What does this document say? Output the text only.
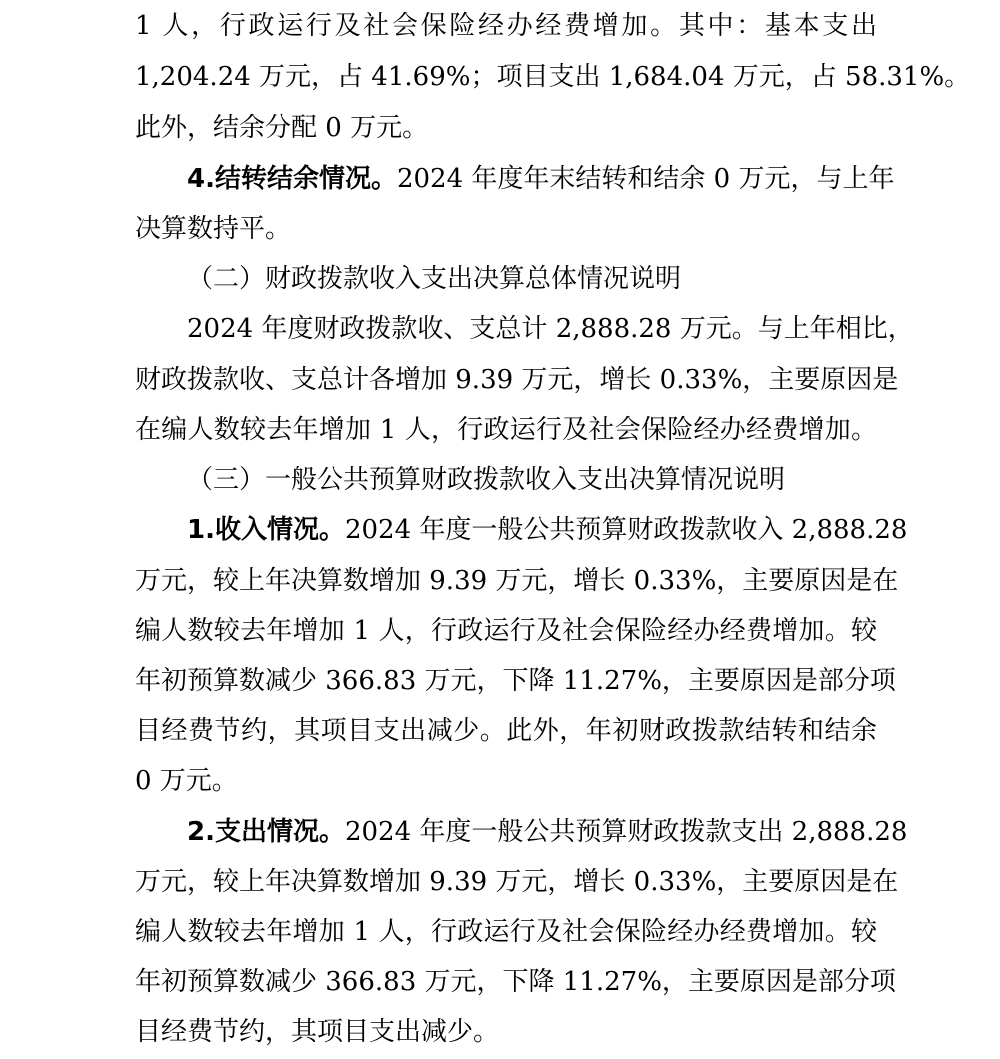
1 人，行政运行及社会保险经办经费增加。其中：基本支出
1,204.24 万元，占 41.69%；项目支出 1,684.04 万元，占 58.31%。
此外，结余分配 0 万元。
4.结转结余情况。2024 年度年末结转和结余 0 万元，与上年
决算数持平。
（二）财政拨款收入支出决算总体情况说明
2024 年度财政拨款收、支总计 2,888.28 万元。与上年相比，
财政拨款收、支总计各增加 9.39 万元，增长 0.33%，主要原因是
在编人数较去年增加 1 人，行政运行及社会保险经办经费增加。
（三）一般公共预算财政拨款收入支出决算情况说明
1.收入情况。2024 年度一般公共预算财政拨款收入 2,888.28
万元，较上年决算数增加 9.39 万元，增长 0.33%，主要原因是在
编人数较去年增加 1 人，行政运行及社会保险经办经费增加。较
年初预算数减少 366.83 万元，下降 11.27%，主要原因是部分项
目经费节约，其项目支出减少。此外，年初财政拨款结转和结余
0 万元。
2.支出情况。2024 年度一般公共预算财政拨款支出 2,888.28
万元，较上年决算数增加 9.39 万元，增长 0.33%，主要原因是在
编人数较去年增加 1 人，行政运行及社会保险经办经费增加。较
年初预算数减少 366.83 万元，下降 11.27%，主要原因是部分项
目经费节约，其项目支出减少。
